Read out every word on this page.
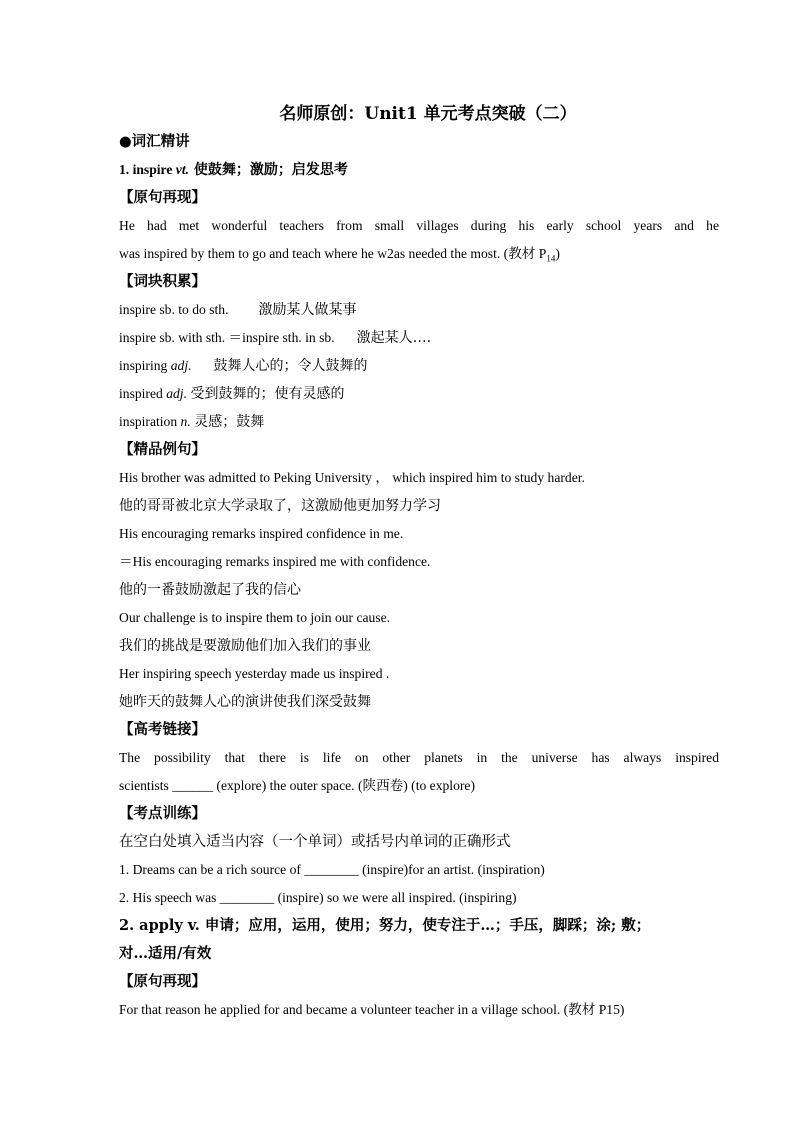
名师原创：Unit1 单元考点突破（二）
●词汇精讲
1. inspire vt. 使鼓舞；激励；启发思考
【原句再现】
He had met wonderful teachers from small villages during his early school years and he
was inspired by them to go and teach where he w2as needed the most. (教材 $P_{14}$)
【词块积累】
inspire sb. to do sth. 激励某人做某事
inspire sb. with sth. ＝inspire sth. in sb. 激起某人….
inspiring adj. 鼓舞人心的；令人鼓舞的
inspired adj. 受到鼓舞的；使有灵感的
inspiration n. 灵感；鼓舞
【精品例句】
His brother was admitted to Peking University ， which inspired him to study harder.
他的哥哥被北京大学录取了，这激励他更加努力学习
His encouraging remarks inspired confidence in me.
＝His encouraging remarks inspired me with confidence.
他的一番鼓励激起了我的信心
Our challenge is to inspire them to join our cause.
我们的挑战是要激励他们加入我们的事业
Her inspiring speech yesterday made us inspired .
她昨天的鼓舞人心的演讲使我们深受鼓舞
【高考链接】
The possibility that there is life on other planets in the universe has always inspired
scientists ______ (explore) the outer space. (陕西卷) (to explore)
【考点训练】
在空白处填入适当内容（一个单词）或括号内单词的正确形式
1. Dreams can be a rich source of ________ (inspire)for an artist. (inspiration)
2. His speech was ________ (inspire) so we were all inspired. (inspiring)
2. apply v. 申请；应用，运用，使用；努力，使专注于…；手压，脚踩；涂; 敷；
对…适用/有效
【原句再现】
For that reason he applied for and became a volunteer teacher in a village school. (教材 P15)
